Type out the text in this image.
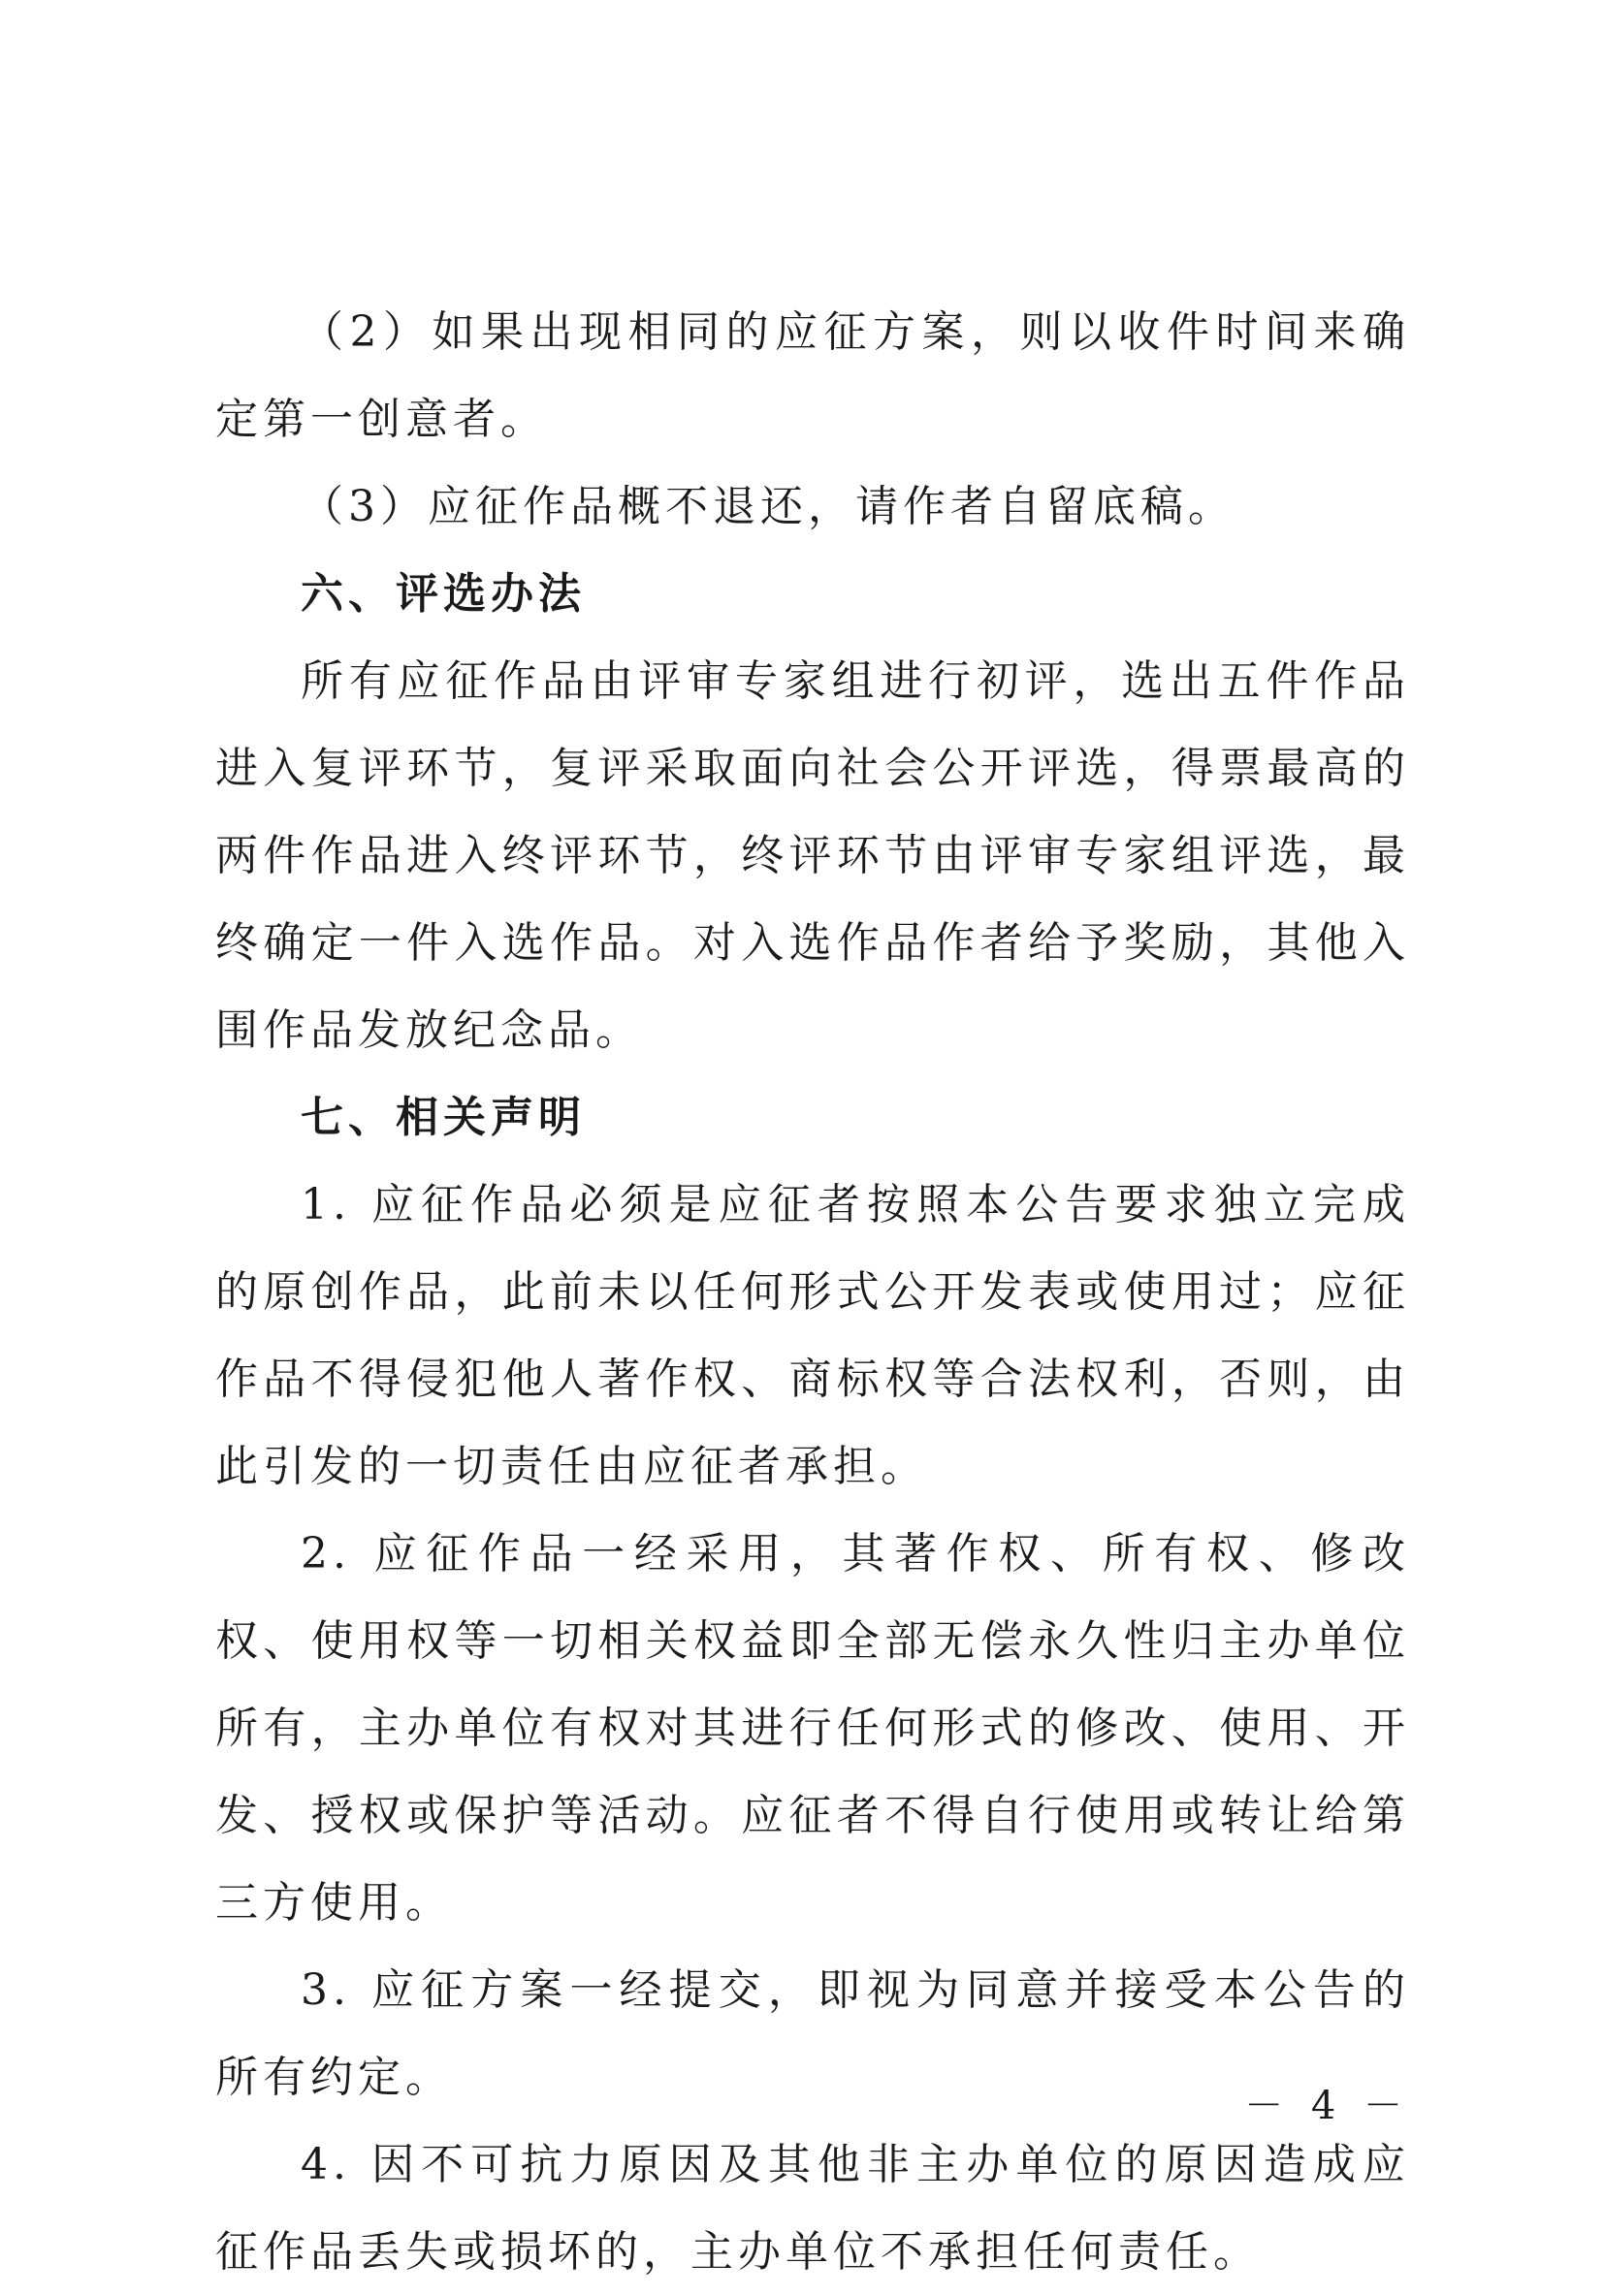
（2）如果出现相同的应征方案，则以收件时间来确定第一创意者。

（3）应征作品概不退还，请作者自留底稿。

六、评选办法

所有应征作品由评审专家组进行初评，选出五件作品进入复评环节，复评采取面向社会公开评选，得票最高的两件作品进入终评环节，终评环节由评审专家组评选，最终确定一件入选作品。对入选作品作者给予奖励，其他入围作品发放纪念品。

七、相关声明

1. 应征作品必须是应征者按照本公告要求独立完成的原创作品，此前未以任何形式公开发表或使用过；应征作品不得侵犯他人著作权、商标权等合法权利，否则，由此引发的一切责任由应征者承担。

2. 应征作品一经采用，其著作权、所有权、修改权、使用权等一切相关权益即全部无偿永久性归主办单位所有，主办单位有权对其进行任何形式的修改、使用、开发、授权或保护等活动。应征者不得自行使用或转让给第三方使用。

3. 应征方案一经提交，即视为同意并接受本公告的所有约定。

4. 因不可抗力原因及其他非主办单位的原因造成应征作品丢失或损坏的，主办单位不承担任何责任。

－ 4 －
